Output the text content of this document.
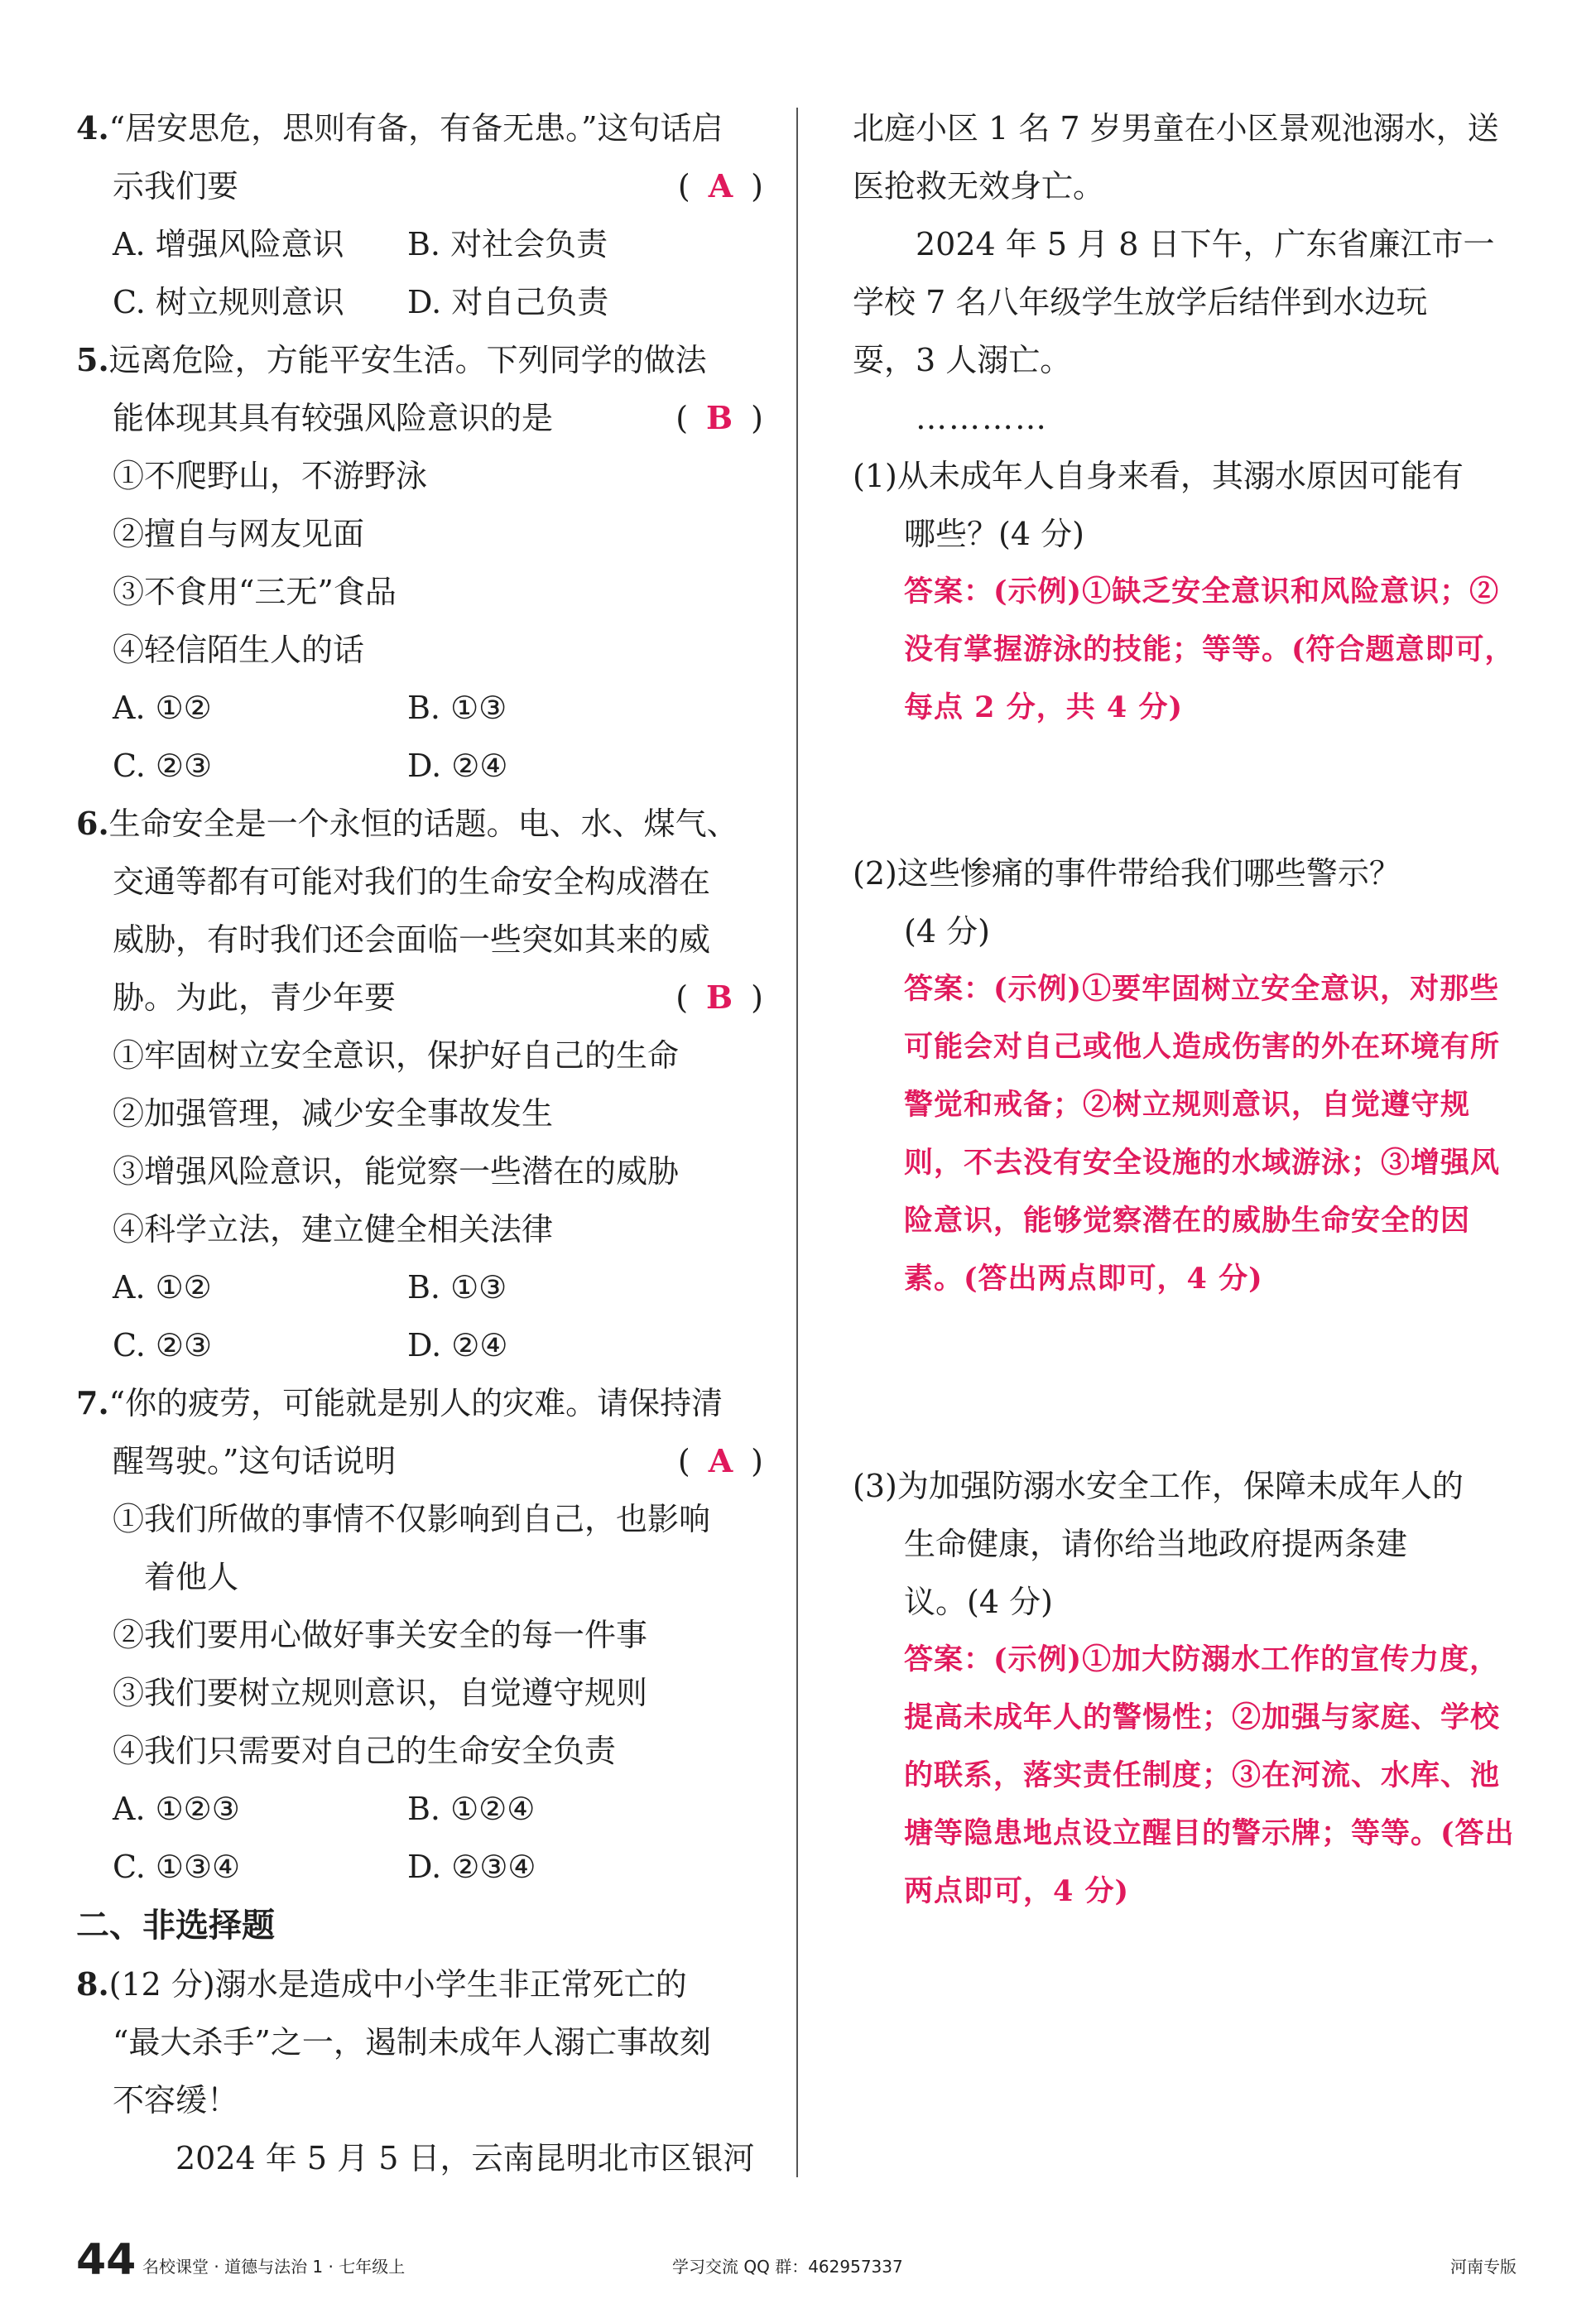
4.“居安思危，思则有备，有备无患。”这句话启
示我们要	( A )
A. 增强风险意识	B. 对社会负责
C. 树立规则意识	D. 对自己负责
5.远离危险，方能平安生活。下列同学的做法
能体现其具有较强风险意识的是	( B )
①不爬野山，不游野泳
②擅自与网友见面
③不食用“三无”食品
④轻信陌生人的话
A. ①②	B. ①③
C. ②③	D. ②④
6.生命安全是一个永恒的话题。电、水、煤气、
交通等都有可能对我们的生命安全构成潜在
威胁，有时我们还会面临一些突如其来的威
胁。为此，青少年要	( B )
①牢固树立安全意识，保护好自己的生命
②加强管理，减少安全事故发生
③增强风险意识，能觉察一些潜在的威胁
④科学立法，建立健全相关法律
A. ①②	B. ①③
C. ②③	D. ②④
7.“你的疲劳，可能就是别人的灾难。请保持清
醒驾驶。”这句话说明	( A )
①我们所做的事情不仅影响到自己，也影响
着他人
②我们要用心做好事关安全的每一件事
③我们要树立规则意识，自觉遵守规则
④我们只需要对自己的生命安全负责
A. ①②③	B. ①②④
C. ①③④	D. ②③④
二、非选择题
8.(12 分)溺水是造成中小学生非正常死亡的
“最大杀手”之一，遏制未成年人溺亡事故刻
不容缓！
2024 年 5 月 5 日，云南昆明北市区银河
北庭小区 1 名 7 岁男童在小区景观池溺水，送
医抢救无效身亡。
2024 年 5 月 8 日下午，广东省廉江市一
学校 7 名八年级学生放学后结伴到水边玩
耍，3 人溺亡。
…………
(1)从未成年人自身来看，其溺水原因可能有
哪些？(4 分)
答案：(示例)①缺乏安全意识和风险意识；②没有掌握游泳的技能；等等。(符合题意即可，每点 2 分，共 4 分)
(2)这些惨痛的事件带给我们哪些警示？
(4 分)
答案：(示例)①要牢固树立安全意识，对那些可能会对自己或他人造成伤害的外在环境有所警觉和戒备；②树立规则意识，自觉遵守规则，不去没有安全设施的水域游泳；③增强风险意识，能够觉察潜在的威胁生命安全的因素。(答出两点即可，4 分)
(3)为加强防溺水安全工作，保障未成年人的
生命健康，请你给当地政府提两条建
议。(4 分)
答案：(示例)①加大防溺水工作的宣传力度，提高未成年人的警惕性；②加强与家庭、学校的联系，落实责任制度；③在河流、水库、池塘等隐患地点设立醒目的警示牌；等等。(答出两点即可，4 分)
44 名校课堂 · 道德与法治 1 · 七年级上	学习交流 QQ 群：462957337	河南专版
